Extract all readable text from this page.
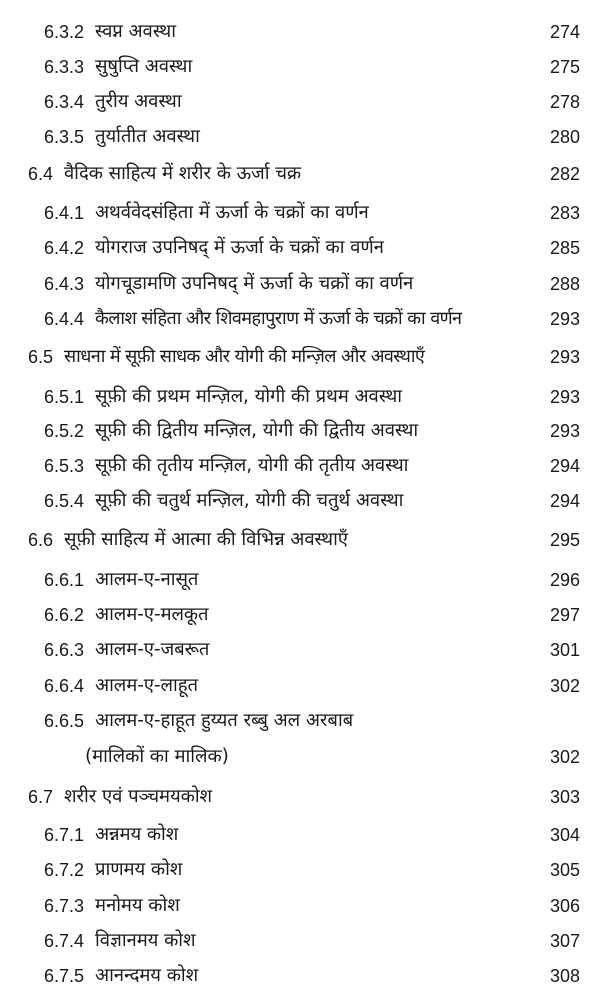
6.3.2 स्वप्न अवस्था	274
6.3.3 सुषुप्ति अवस्था	275
6.3.4 तुरीय अवस्था	278
6.3.5 तुर्यातीत अवस्था	280
6.4 वैदिक साहित्य में शरीर के ऊर्जा चक्र	282
6.4.1 अथर्ववेदसंहिता में ऊर्जा के चक्रों का वर्णन	283
6.4.2 योगराज उपनिषद् में ऊर्जा के चक्रों का वर्णन	285
6.4.3 योगचूडामणि उपनिषद् में ऊर्जा के चक्रों का वर्णन	288
6.4.4 कैलाश संहिता और शिवमहापुराण में ऊर्जा के चक्रों का वर्णन	293
6.5 साधना में सूफ़ी साधक और योगी की मन्ज़िल और अवस्थाएँ	293
6.5.1 सूफ़ी की प्रथम मन्ज़िल, योगी की प्रथम अवस्था	293
6.5.2 सूफ़ी की द्वितीय मन्ज़िल, योगी की द्वितीय अवस्था	293
6.5.3 सूफ़ी की तृतीय मन्ज़िल, योगी की तृतीय अवस्था	294
6.5.4 सूफ़ी की चतुर्थ मन्ज़िल, योगी की चतुर्थ अवस्था	294
6.6 सूफ़ी साहित्य में आत्मा की विभिन्न अवस्थाएँ	295
6.6.1 आलम-ए-नासूत	296
6.6.2 आलम-ए-मलकूत	297
6.6.3 आलम-ए-जबरूत	301
6.6.4 आलम-ए-लाहूत	302
6.6.5 आलम-ए-हाहूत हुय्यत रब्बु अल अरबाब
(मालिकों का मालिक)	302
6.7 शरीर एवं पञ्चमयकोश	303
6.7.1 अन्नमय कोश	304
6.7.2 प्राणमय कोश	305
6.7.3 मनोमय कोश	306
6.7.4 विज्ञानमय कोश	307
6.7.5 आनन्दमय कोश	308
